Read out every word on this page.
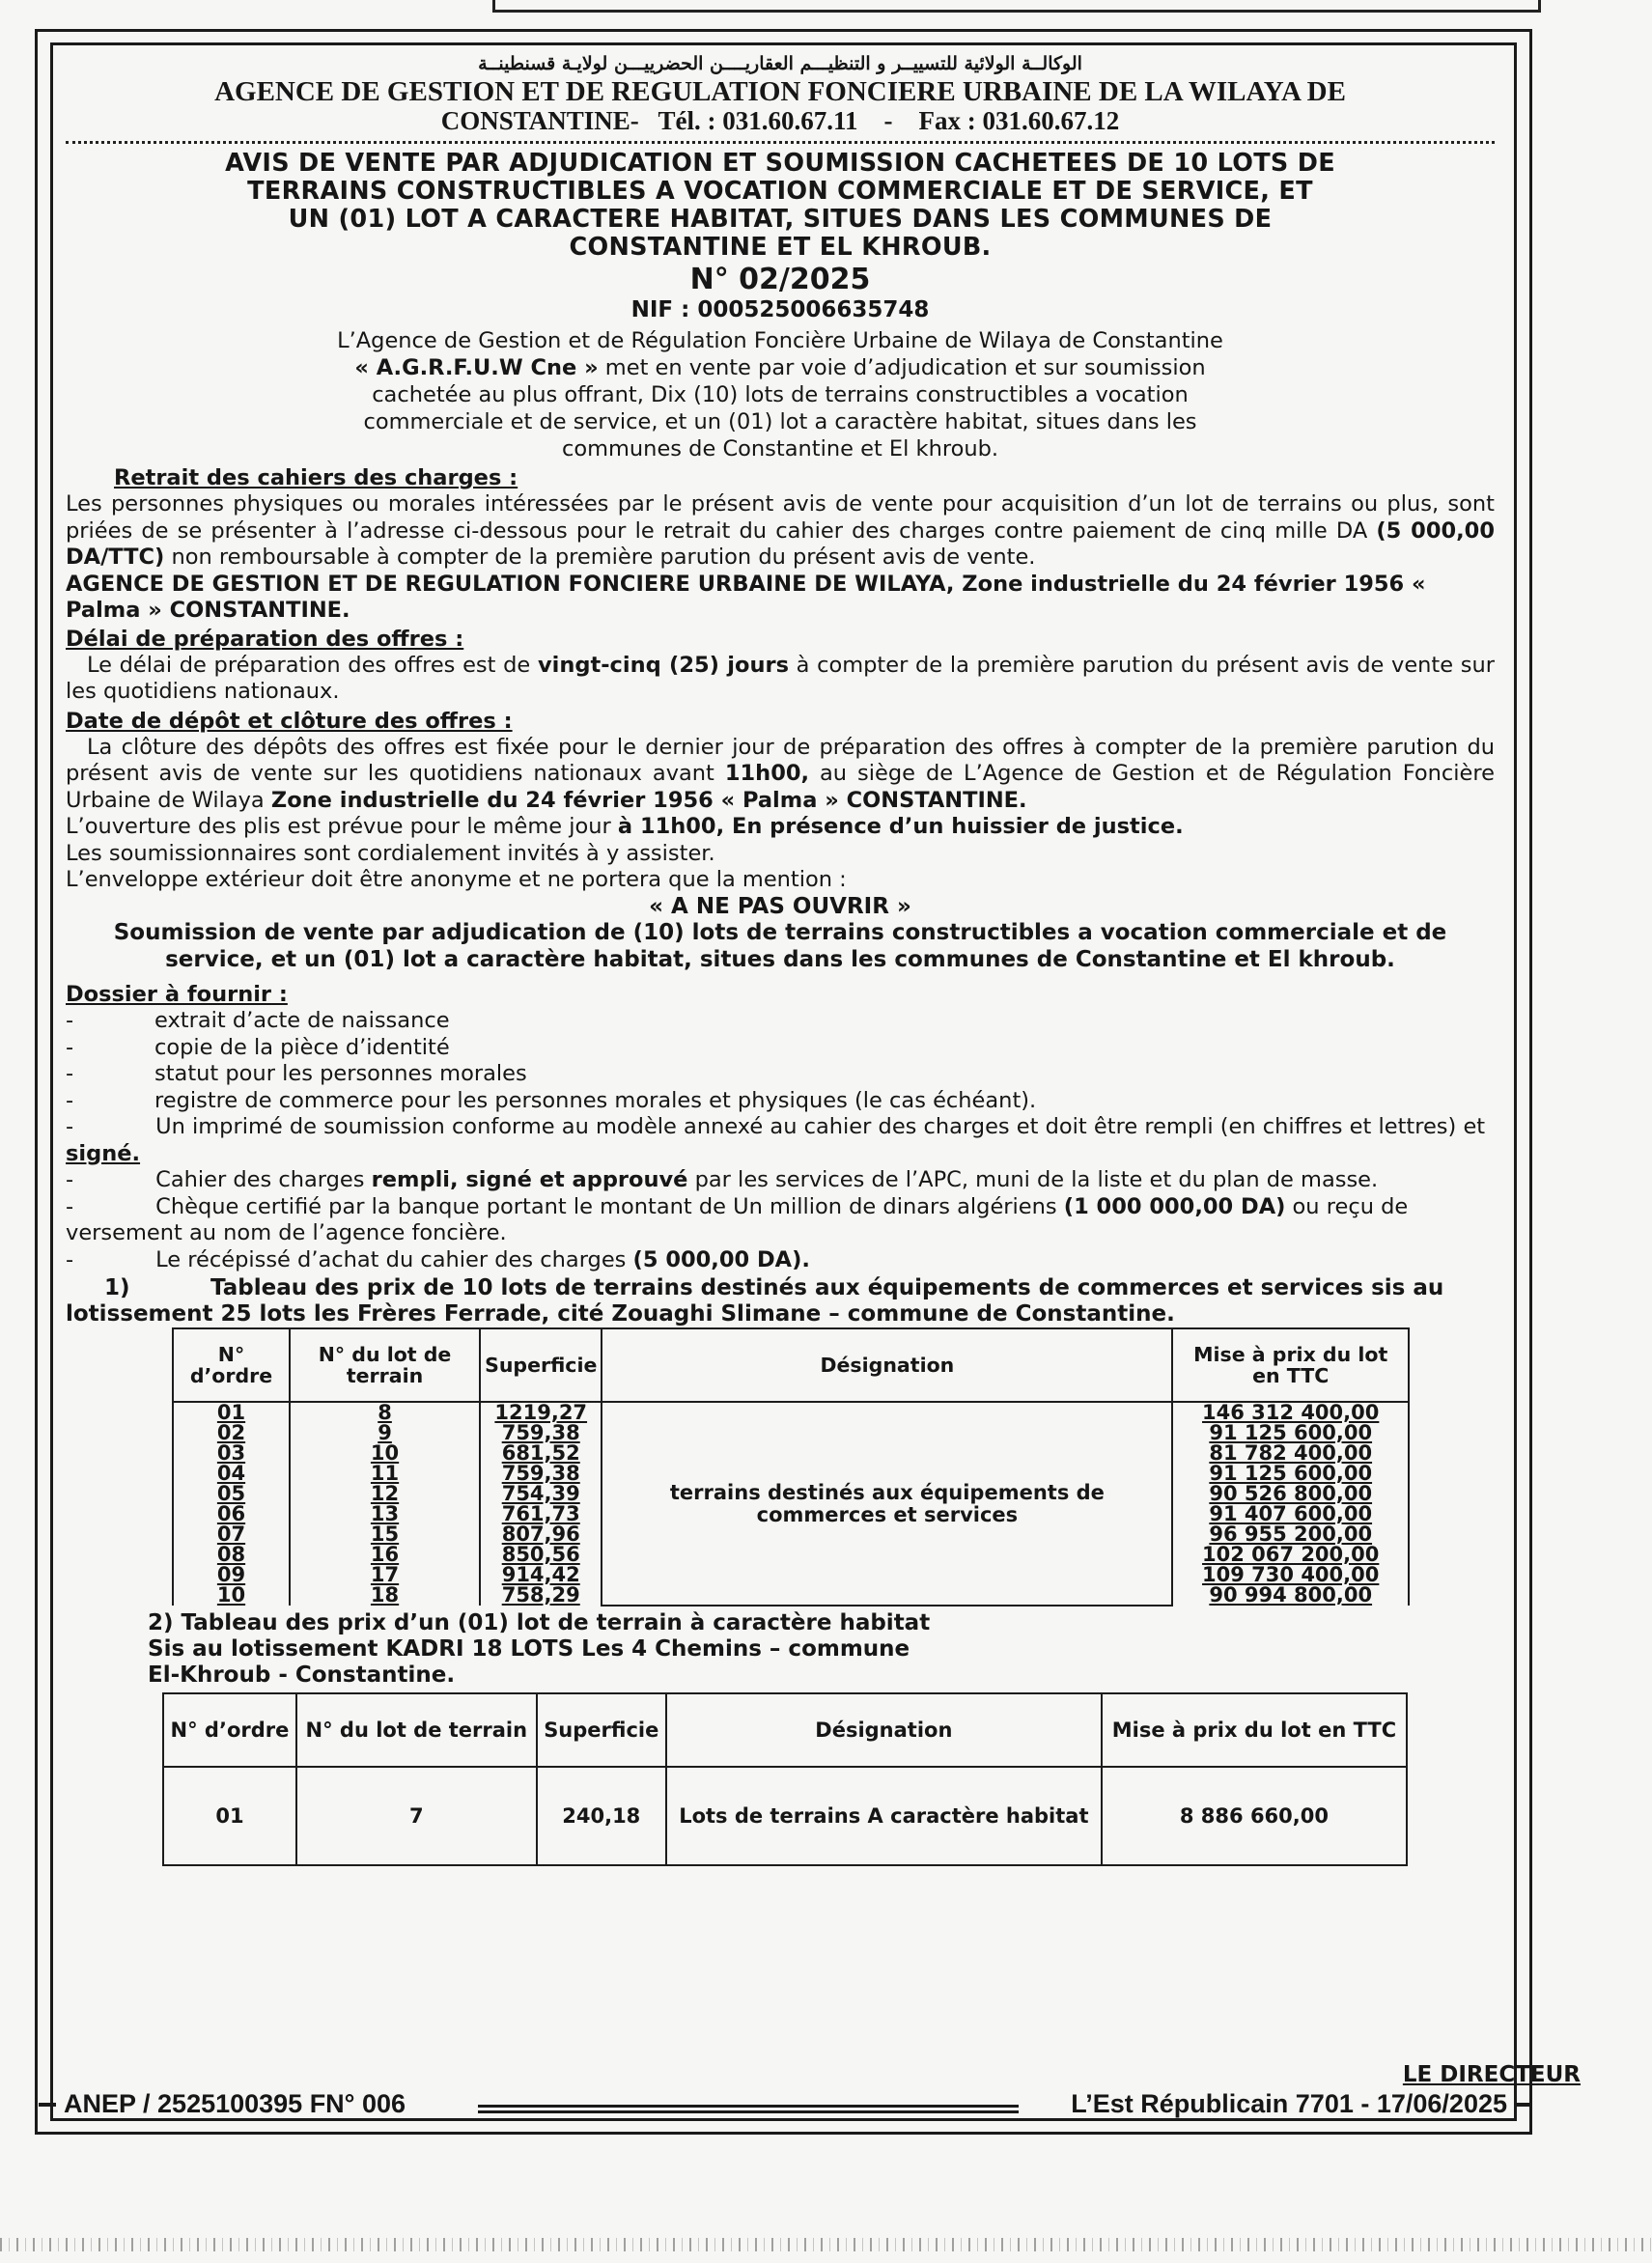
الوكالــة الولائية للتسييــر و التنظيـــم العقاريــــن الحضرييـــن لولايـة قسنطينــة

AGENCE DE GESTION ET DE REGULATION FONCIERE URBAINE DE LA WILAYA DE

CONSTANTINE- Tél. : 031.60.67.11 - Fax : 031.60.67.12

AVIS DE VENTE PAR ADJUDICATION ET SOUMISSION CACHETEES DE 10 LOTS DE

TERRAINS CONSTRUCTIBLES A VOCATION COMMERCIALE ET DE SERVICE, ET

UN (01) LOT A CARACTERE HABITAT, SITUES DANS LES COMMUNES DE

CONSTANTINE ET EL KHROUB.

N° 02/2025

NIF : 000525006635748

L’Agence de Gestion et de Régulation Foncière Urbaine de Wilaya de Constantine

« A.G.R.F.U.W Cne » met en vente par voie d’adjudication et sur soumission

cachetée au plus offrant, Dix (10) lots de terrains constructibles a vocation

commerciale et de service, et un (01) lot a caractère habitat, situes dans les

communes de Constantine et El khroub.

Retrait des cahiers des charges :

Les personnes physiques ou morales intéressées par le présent avis de vente pour acquisition d’un lot de terrains ou plus, sont priées de se présenter à l’adresse ci-dessous pour le retrait du cahier des charges contre paiement de cinq mille DA (5 000,00 DA/TTC) non remboursable à compter de la première parution du présent avis de vente.

AGENCE DE GESTION ET DE REGULATION FONCIERE URBAINE DE WILAYA, Zone industrielle du 24 février 1956 « Palma » CONSTANTINE.

Délai de préparation des offres :

Le délai de préparation des offres est de vingt-cinq (25) jours à compter de la première parution du présent avis de vente sur les quotidiens nationaux.

Date de dépôt et clôture des offres :

La clôture des dépôts des offres est fixée pour le dernier jour de préparation des offres à compter de la première parution du présent avis de vente sur les quotidiens nationaux avant 11h00, au siège de L’Agence de Gestion et de Régulation Foncière Urbaine de Wilaya Zone industrielle du 24 février 1956 « Palma » CONSTANTINE.

L’ouverture des plis est prévue pour le même jour à 11h00, En présence d’un huissier de justice.

Les soumissionnaires sont cordialement invités à y assister.

L’enveloppe extérieur doit être anonyme et ne portera que la mention :

« A NE PAS OUVRIR »

Soumission de vente par adjudication de (10) lots de terrains constructibles a vocation commerciale et de service, et un (01) lot a caractère habitat, situes dans les communes de Constantine et El khroub.

Dossier à fournir :

-	extrait d’acte de naissance

-	copie de la pièce d’identité

-	statut pour les personnes morales

-	registre de commerce pour les personnes morales et physiques (le cas échéant).

-	Un imprimé de soumission conforme au modèle annexé au cahier des charges et doit être rempli (en chiffres et lettres) et signé.

-	Cahier des charges rempli, signé et approuvé par les services de l’APC, muni de la liste et du plan de masse.

-	Chèque certifié par la banque portant le montant de Un million de dinars algériens (1 000 000,00 DA) ou reçu de versement au nom de l’agence foncière.

-	Le récépissé d’achat du cahier des charges (5 000,00 DA).

1)	Tableau des prix de 10 lots de terrains destinés aux équipements de commerces et services sis au lotissement 25 lots les Frères Ferrade, cité Zouaghi Slimane – commune de Constantine.

N° d’ordre	N° du lot de terrain	Superficie	Désignation	Mise à prix du lot en TTC
01	8	1219,27	terrains destinés aux équipements de commerces et services	146 312 400,00
02	9	759,38		91 125 600,00
03	10	681,52		81 782 400,00
04	11	759,38		91 125 600,00
05	12	754,39		90 526 800,00
06	13	761,73		91 407 600,00
07	15	807,96		96 955 200,00
08	16	850,56		102 067 200,00
09	17	914,42		109 730 400,00
10	18	758,29		90 994 800,00

2) Tableau des prix d’un (01) lot de terrain à caractère habitat

Sis au lotissement KADRI 18 LOTS Les 4 Chemins – commune

El-Khroub - Constantine.

N° d’ordre	N° du lot de terrain	Superficie	Désignation	Mise à prix du lot en TTC
01	7	240,18	Lots de terrains A caractère habitat	8 886 660,00

LE DIRECTEUR

ANEP / 2525100395 FN° 006	L’Est Républicain 7701 - 17/06/2025
